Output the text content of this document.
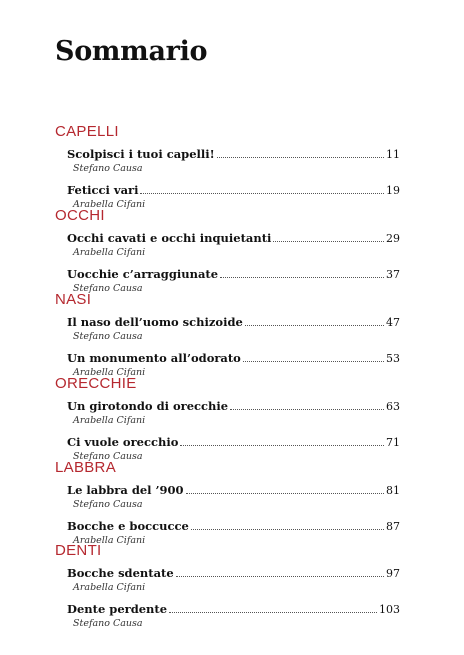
Sommario
CAPELLI
Scolpisci i tuoi capelli!	11
Stefano Causa
Feticci vari	19
Arabella Cifani
OCCHI
Occhi cavati e occhi inquietanti	29
Arabella Cifani
Uocchie c’arraggiunate	37
Stefano Causa
NASI
Il naso dell’uomo schizoide	47
Stefano Causa
Un monumento all’odorato	53
Arabella Cifani
ORECCHIE
Un girotondo di orecchie	63
Arabella Cifani
Ci vuole orecchio	71
Stefano Causa
LABBRA
Le labbra del ’900	81
Stefano Causa
Bocche e boccucce	87
Arabella Cifani
DENTI
Bocche sdentate	97
Arabella Cifani
Dente perdente	103
Stefano Causa
